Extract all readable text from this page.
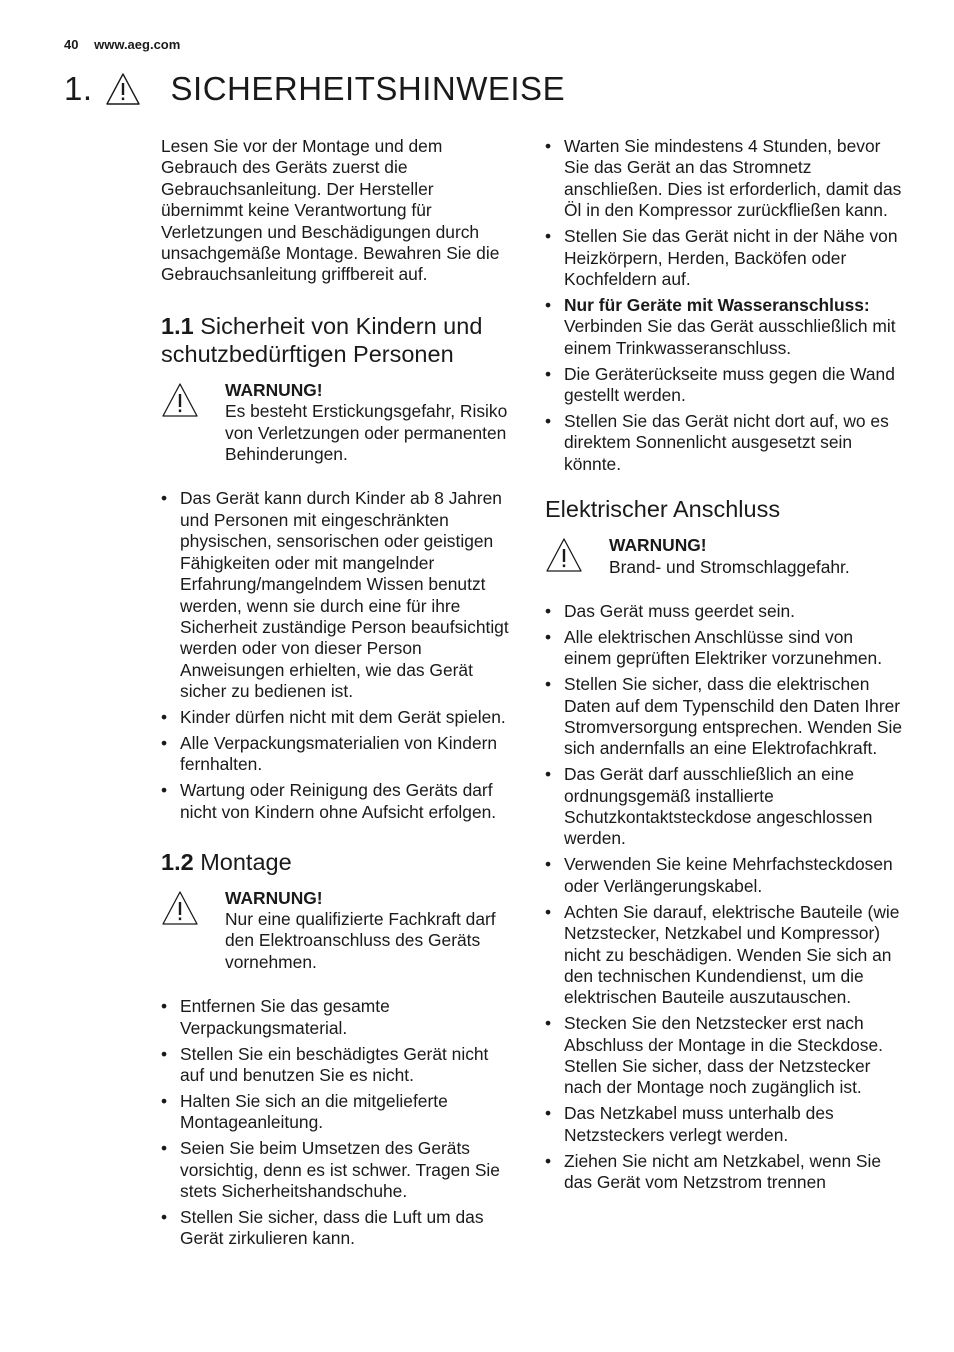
40 www.aeg.com
1. SICHERHEITSHINWEISE

Lesen Sie vor der Montage und dem Gebrauch des Geräts zuerst die Gebrauchsanleitung. Der Hersteller übernimmt keine Verantwortung für Verletzungen und Beschädigungen durch unsachgemäße Montage. Bewahren Sie die Gebrauchsanleitung griffbereit auf.

1.1 Sicherheit von Kindern und schutzbedürftigen Personen
WARNUNG!
Es besteht Erstickungsgefahr, Risiko von Verletzungen oder permanenten Behinderungen.
• Das Gerät kann durch Kinder ab 8 Jahren und Personen mit eingeschränkten physischen, sensorischen oder geistigen Fähigkeiten oder mit mangelnder Erfahrung/mangelndem Wissen benutzt werden, wenn sie durch eine für ihre Sicherheit zuständige Person beaufsichtigt werden oder von dieser Person Anweisungen erhielten, wie das Gerät sicher zu bedienen ist.
• Kinder dürfen nicht mit dem Gerät spielen.
• Alle Verpackungsmaterialien von Kindern fernhalten.
• Wartung oder Reinigung des Geräts darf nicht von Kindern ohne Aufsicht erfolgen.
1.2 Montage
WARNUNG!
Nur eine qualifizierte Fachkraft darf den Elektroanschluss des Geräts vornehmen.
• Entfernen Sie das gesamte Verpackungsmaterial.
• Stellen Sie ein beschädigtes Gerät nicht auf und benutzen Sie es nicht.
• Halten Sie sich an die mitgelieferte Montageanleitung.
• Seien Sie beim Umsetzen des Geräts vorsichtig, denn es ist schwer. Tragen Sie stets Sicherheitshandschuhe.
• Stellen Sie sicher, dass die Luft um das Gerät zirkulieren kann.
• Warten Sie mindestens 4 Stunden, bevor Sie das Gerät an das Stromnetz anschließen. Dies ist erforderlich, damit das Öl in den Kompressor zurückfließen kann.
• Stellen Sie das Gerät nicht in der Nähe von Heizkörpern, Herden, Backöfen oder Kochfeldern auf.
• Nur für Geräte mit Wasseranschluss: Verbinden Sie das Gerät ausschließlich mit einem Trinkwasseranschluss.
• Die Geräterückseite muss gegen die Wand gestellt werden.
• Stellen Sie das Gerät nicht dort auf, wo es direktem Sonnenlicht ausgesetzt sein könnte.
Elektrischer Anschluss
WARNUNG!
Brand- und Stromschlaggefahr.
• Das Gerät muss geerdet sein.
• Alle elektrischen Anschlüsse sind von einem geprüften Elektriker vorzunehmen.
• Stellen Sie sicher, dass die elektrischen Daten auf dem Typenschild den Daten Ihrer Stromversorgung entsprechen. Wenden Sie sich andernfalls an eine Elektrofachkraft.
• Das Gerät darf ausschließlich an eine ordnungsgemäß installierte Schutzkontaktsteckdose angeschlossen werden.
• Verwenden Sie keine Mehrfachsteckdosen oder Verlängerungskabel.
• Achten Sie darauf, elektrische Bauteile (wie Netzstecker, Netzkabel und Kompressor) nicht zu beschädigen. Wenden Sie sich an den technischen Kundendienst, um die elektrischen Bauteile auszutauschen.
• Stecken Sie den Netzstecker erst nach Abschluss der Montage in die Steckdose. Stellen Sie sicher, dass der Netzstecker nach der Montage noch zugänglich ist.
• Das Netzkabel muss unterhalb des Netzsteckers verlegt werden.
• Ziehen Sie nicht am Netzkabel, wenn Sie das Gerät vom Netzstrom trennen
